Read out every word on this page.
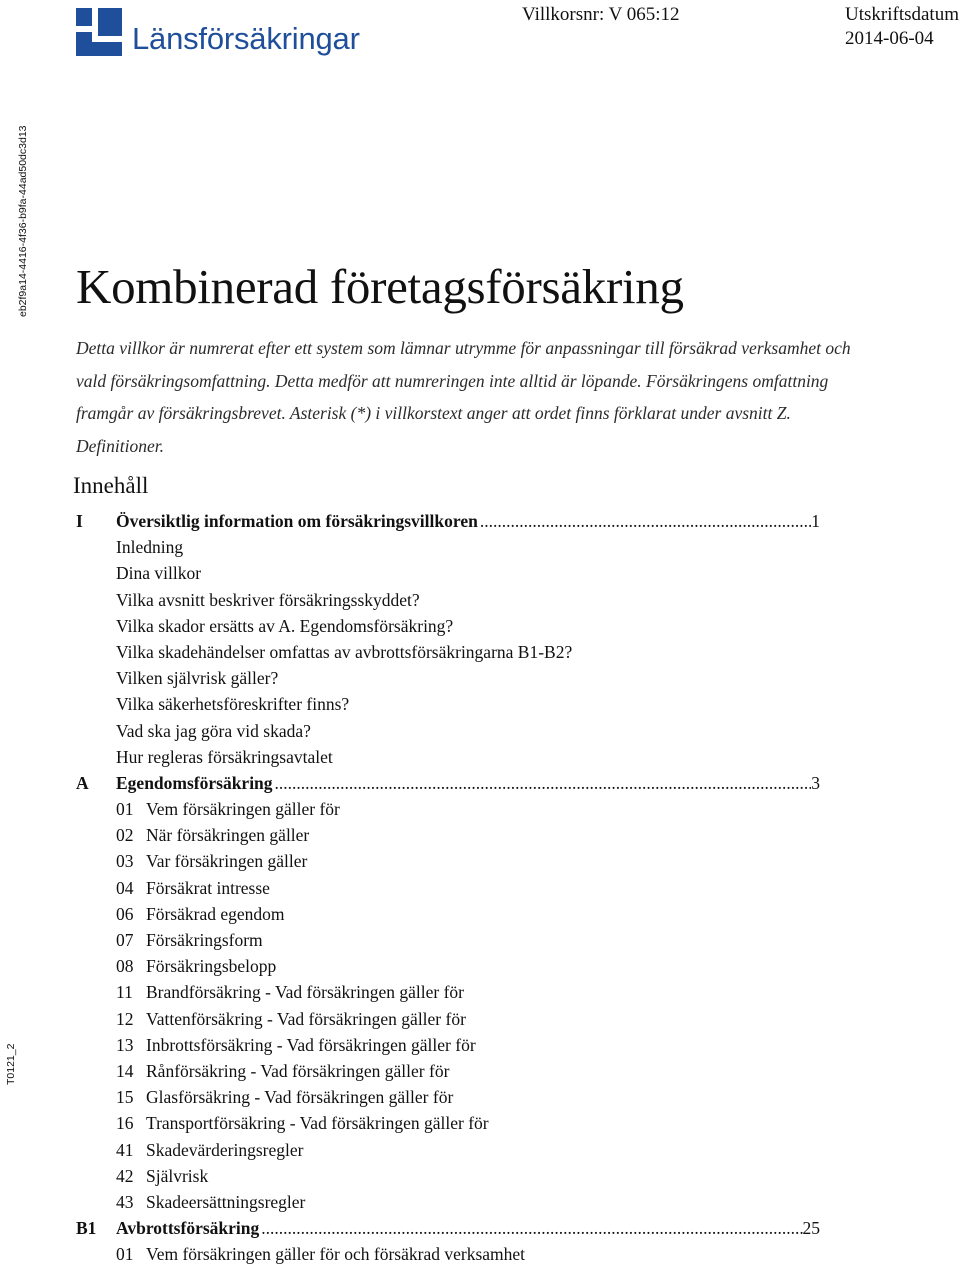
Länsförsäkringar
Villkorsnr: V 065:12	Utskriftsdatum
2014-06-04
eb2f9a14-4416-4f36-b9fa-44ad50dc3d13
T0121_2
Kombinerad företagsförsäkring

Detta villkor är numrerat efter ett system som lämnar utrymme för anpassningar till försäkrad verksamhet och vald försäkringsomfattning. Detta medför att numreringen inte alltid är löpande. Försäkringens omfattning framgår av försäkringsbrevet. Asterisk (*) i villkorstext anger att ordet finns förklarat under avsnitt Z. Definitioner.

Innehåll
I Översiktlig information om försäkringsvillkoren .....	1
Inledning
Dina villkor
Vilka avsnitt beskriver försäkringsskyddet?
Vilka skador ersätts av A. Egendomsförsäkring?
Vilka skadehändelser omfattas av avbrottsförsäkringarna B1-B2?
Vilken självrisk gäller?
Vilka säkerhetsföreskrifter finns?
Vad ska jag göra vid skada?
Hur regleras försäkringsavtalet
A Egendomsförsäkring .....	3
01 Vem försäkringen gäller för
02 När försäkringen gäller
03 Var försäkringen gäller
04 Försäkrat intresse
06 Försäkrad egendom
07 Försäkringsform
08 Försäkringsbelopp
11 Brandförsäkring - Vad försäkringen gäller för
12 Vattenförsäkring - Vad försäkringen gäller för
13 Inbrottsförsäkring - Vad försäkringen gäller för
14 Rånförsäkring - Vad försäkringen gäller för
15 Glasförsäkring - Vad försäkringen gäller för
16 Transportförsäkring - Vad försäkringen gäller för
41 Skadevärderingsregler
42 Självrisk
43 Skadeersättningsregler
B1 Avbrottsförsäkring .....	25
01 Vem försäkringen gäller för och försäkrad verksamhet
